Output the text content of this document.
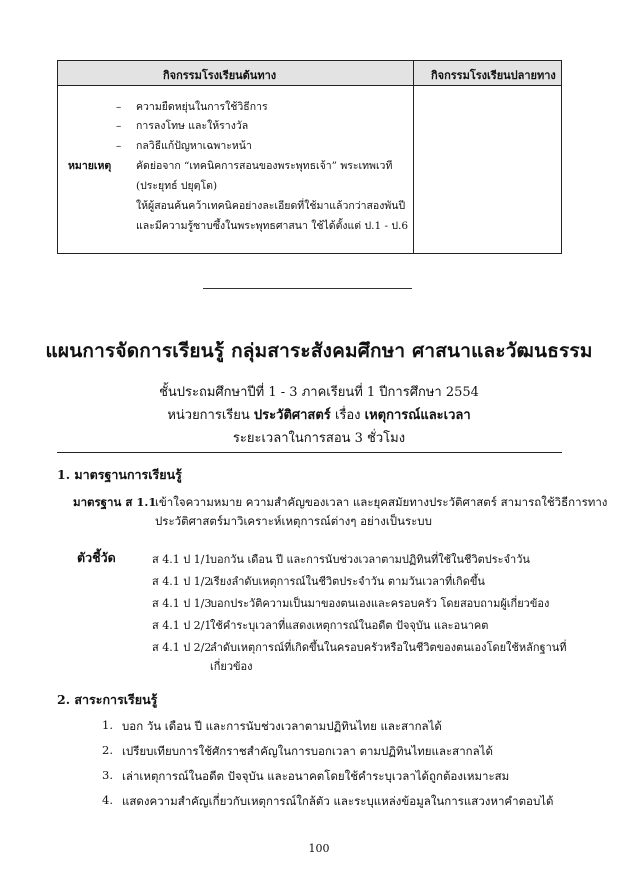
กิจกรรมโรงเรียนต้นทาง	กิจกรรมโรงเรียนปลายทาง
– ความยืดหยุ่นในการใช้วิธีการ
– การลงโทษ และให้รางวัล
– กลวิธีแก้ปัญหาเฉพาะหน้า
หมายเหตุ คัดย่อจาก “เทคนิคการสอนของพระพุทธเจ้า” พระเทพเวที
(ประยุทธ์ ปยุตฺโต)
ให้ผู้สอนค้นคว้าเทคนิคอย่างละเอียดที่ใช้มาแล้วกว่าสองพันปี
และมีความรู้ซาบซึ้งในพระพุทธศาสนา ใช้ได้ตั้งแต่ ป.1 - ป.6
แผนการจัดการเรียนรู้ กลุ่มสาระสังคมศึกษา ศาสนาและวัฒนธรรม
ชั้นประถมศึกษาปีที่ 1 - 3 ภาคเรียนที่ 1 ปีการศึกษา 2554
หน่วยการเรียน ประวัติศาสตร์ เรื่อง เหตุการณ์และเวลา
ระยะเวลาในการสอน 3 ชั่วโมง
1. มาตรฐานการเรียนรู้
มาตรฐาน ส 1.1
เข้าใจความหมาย ความสำคัญของเวลา และยุคสมัยทางประวัติศาสตร์ สามารถใช้วิธีการทาง
ประวัติศาสตร์มาวิเคราะห์เหตุการณ์ต่างๆ อย่างเป็นระบบ
ตัวชี้วัด	ส 4.1 ป 1/1
บอกวัน เดือน ปี และการนับช่วงเวลาตามปฏิทินที่ใช้ในชีวิตประจำวัน
ส 4.1 ป 1/2
เรียงลำดับเหตุการณ์ในชีวิตประจำวัน ตามวันเวลาที่เกิดขึ้น
ส 4.1 ป 1/3
บอกประวัติความเป็นมาของตนเองและครอบครัว โดยสอบถามผู้เกี่ยวข้อง
ส 4.1 ป 2/1
ใช้คำระบุเวลาที่แสดงเหตุการณ์ในอดีต ปัจจุบัน และอนาคต
ส 4.1 ป 2/2
ลำดับเหตุการณ์ที่เกิดขึ้นในครอบครัวหรือในชีวิตของตนเองโดยใช้หลักฐานที่
เกี่ยวข้อง
2. สาระการเรียนรู้
1. บอก วัน เดือน ปี และการนับช่วงเวลาตามปฏิทินไทย และสากลได้
2. เปรียบเทียบการใช้ศักราชสำคัญในการบอกเวลา ตามปฏิทินไทยและสากลได้
3. เล่าเหตุการณ์ในอดีต ปัจจุบัน และอนาคตโดยใช้คำระบุเวลาได้ถูกต้องเหมาะสม
4. แสดงความสำคัญเกี่ยวกับเหตุการณ์ใกล้ตัว และระบุแหล่งข้อมูลในการแสวงหาคำตอบได้
100
